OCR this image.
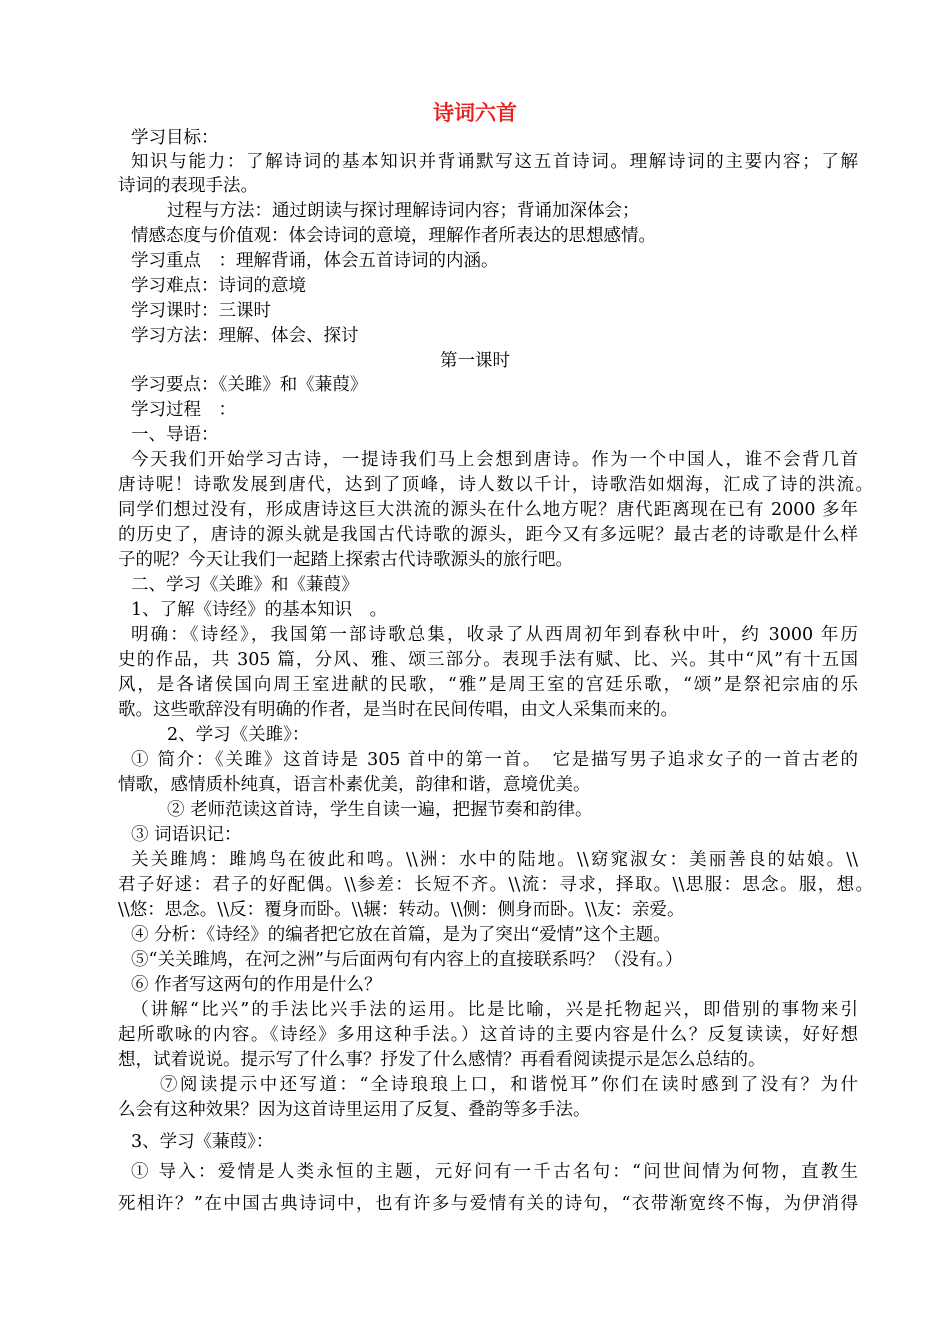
诗词六首
学习目标：
知识与能力：了解诗词的基本知识并背诵默写这五首诗词。理解诗词的主要内容；了解
诗词的表现手法。
过程与方法：通过朗读与探讨理解诗词内容；背诵加深体会；
情感态度与价值观：体会诗词的意境，理解作者所表达的思想感情。
学习重点　：理解背诵，体会五首诗词的内涵。
学习难点：诗词的意境
学习课时：三课时
学习方法：理解、体会、探讨
第一课时
学习要点：《关雎》和《蒹葭》
学习过程　：
一、导语：
今天我们开始学习古诗，一提诗我们马上会想到唐诗。作为一个中国人，谁不会背几首
唐诗呢！诗歌发展到唐代，达到了顶峰，诗人数以千计，诗歌浩如烟海，汇成了诗的洪流。
同学们想过没有，形成唐诗这巨大洪流的源头在什么地方呢？唐代距离现在已有 2000 多年
的历史了，唐诗的源头就是我国古代诗歌的源头，距今又有多远呢？最古老的诗歌是什么样
子的呢？今天让我们一起踏上探索古代诗歌源头的旅行吧。
二、学习《关雎》和《蒹葭》
1、了解《诗经》的基本知识　。
明确：《诗经》，我国第一部诗歌总集，收录了从西周初年到春秋中叶，约 3000 年历
史的作品，共 305 篇，分风、雅、颂三部分。表现手法有赋、比、兴。其中“风”有十五国
风，是各诸侯国向周王室进献的民歌，“雅”是周王室的宫廷乐歌，“颂”是祭祀宗庙的乐
歌。这些歌辞没有明确的作者，是当时在民间传唱，由文人采集而来的。
2、学习《关雎》：
① 简介：《关雎》这首诗是 305 首中的第一首。　它是描写男子追求女子的一首古老的
情歌，感情质朴纯真，语言朴素优美，韵律和谐，意境优美。
② 老师范读这首诗，学生自读一遍，把握节奏和韵律。
③ 词语识记：
关关雎鸠：雎鸠鸟在彼此和鸣。\\洲：水中的陆地。\\窈窕淑女：美丽善良的姑娘。\\
君子好逑：君子的好配偶。\\参差：长短不齐。\\流：寻求，择取。\\思服：思念。服，想。
\\悠：思念。\\反：覆身而卧。\\辗：转动。\\侧：侧身而卧。\\友：亲爱。
④ 分析：《诗经》的编者把它放在首篇，是为了突出“爱情”这个主题。
⑤“关关雎鸠，在河之洲”与后面两句有内容上的直接联系吗？（没有。）
⑥ 作者写这两句的作用是什么？
（讲解“比兴”的手法比兴手法的运用。比是比喻，兴是托物起兴，即借别的事物来引
起所歌咏的内容。《诗经》多用这种手法。）这首诗的主要内容是什么？反复读读，好好想
想，试着说说。提示写了什么事？抒发了什么感情？再看看阅读提示是怎么总结的。
⑦阅读提示中还写道：“全诗琅琅上口，和谐悦耳”你们在读时感到了没有？为什
么会有这种效果？因为这首诗里运用了反复、叠韵等多手法。
3、学习《蒹葭》：
① 导入：爱情是人类永恒的主题，元好问有一千古名句：“问世间情为何物，直教生
死相许？”在中国古典诗词中，也有许多与爱情有关的诗句，“衣带渐宽终不悔，为伊消得
